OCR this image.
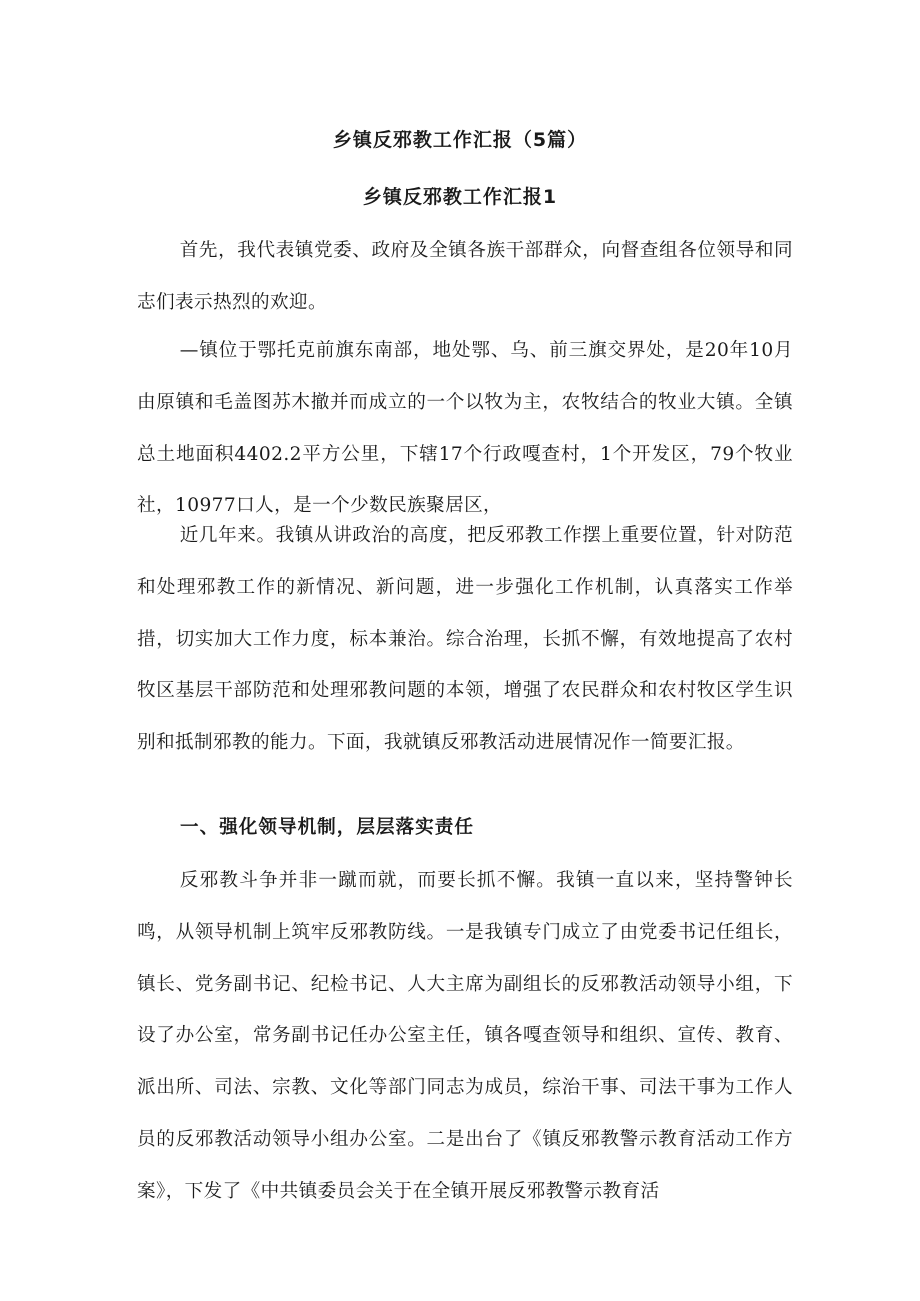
乡镇反邪教工作汇报（5篇）
乡镇反邪教工作汇报1

首先，我代表镇党委、政府及全镇各族干部群众，向督查组各位领导和同志们表示热烈的欢迎。

—镇位于鄂托克前旗东南部，地处鄂、乌、前三旗交界处，是20年10月由原镇和毛盖图苏木撤并而成立的一个以牧为主，农牧结合的牧业大镇。全镇总土地面积4402.2平方公里，下辖17个行政嘎查村，1个开发区，79个牧业社，10977口人，是一个少数民族聚居区，

近几年来。我镇从讲政治的高度，把反邪教工作摆上重要位置，针对防范和处理邪教工作的新情况、新问题，进一步强化工作机制，认真落实工作举措，切实加大工作力度，标本兼治。综合治理，长抓不懈，有效地提高了农村牧区基层干部防范和处理邪教问题的本领，增强了农民群众和农村牧区学生识别和抵制邪教的能力。下面，我就镇反邪教活动进展情况作一简要汇报。

一、强化领导机制，层层落实责任

反邪教斗争并非一蹴而就，而要长抓不懈。我镇一直以来，坚持警钟长鸣，从领导机制上筑牢反邪教防线。一是我镇专门成立了由党委书记任组长，镇长、党务副书记、纪检书记、人大主席为副组长的反邪教活动领导小组，下设了办公室，常务副书记任办公室主任，镇各嘎查领导和组织、宣传、教育、派出所、司法、宗教、文化等部门同志为成员，综治干事、司法干事为工作人员的反邪教活动领导小组办公室。二是出台了《镇反邪教警示教育活动工作方案》，下发了《中共镇委员会关于在全镇开展反邪教警示教育活
